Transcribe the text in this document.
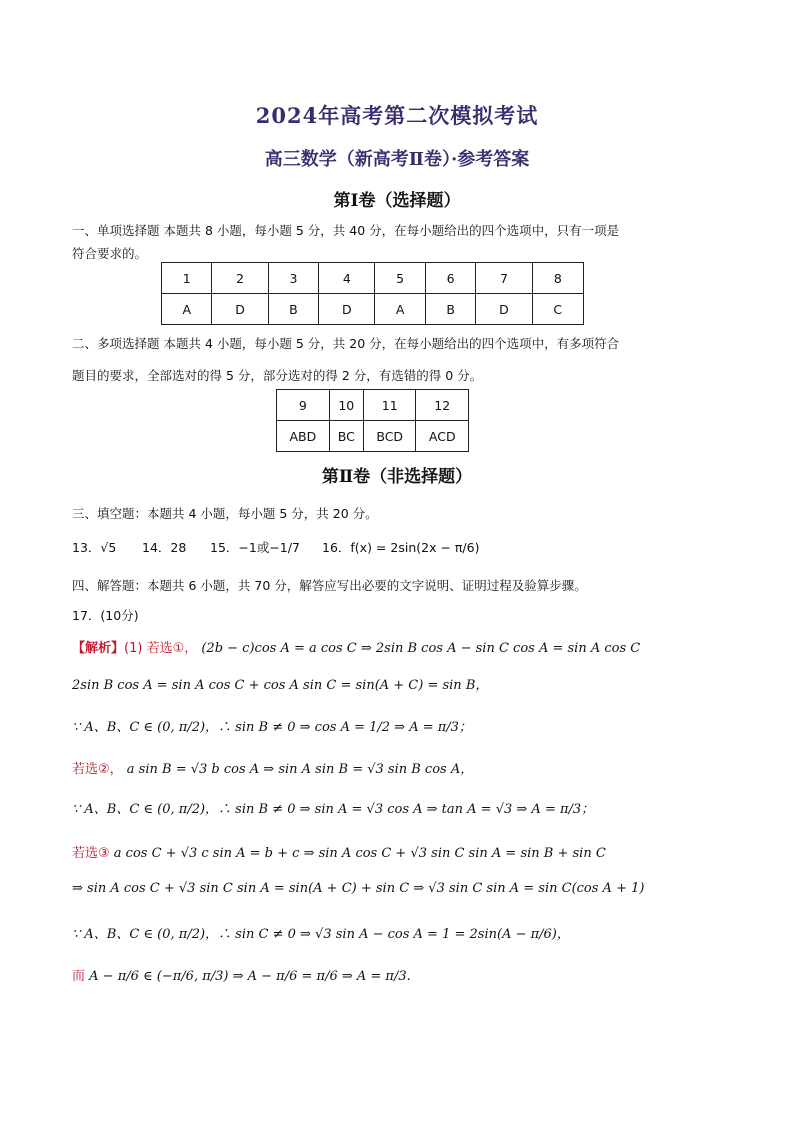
2024年高考第二次模拟考试
高三数学（新高考Ⅱ卷）·参考答案
第Ⅰ卷（选择题）
一、单项选择题 本题共 8 小题，每小题 5 分，共 40 分，在每小题给出的四个选项中，只有一项是
符合要求的。
1	2	3	4	5	6	7	8
A	D	B	D	A	B	D	C
二、多项选择题 本题共 4 小题，每小题 5 分，共 20 分，在每小题给出的四个选项中，有多项符合
题目的要求，全部选对的得 5 分，部分选对的得 2 分，有选错的得 0 分。
9	10	11	12
ABD	BC	BCD	ACD
第Ⅱ卷（非选择题）
三、填空题：本题共 4 小题，每小题 5 分，共 20 分。
13．√5 14．28 15．−1或−1/7 16．f(x) = 2sin(2x − π/6)
四、解答题：本题共 6 小题，共 70 分，解答应写出必要的文字说明、证明过程及验算步骤。
17．(10分)
【解析】(1) 若选①， (2b − c)cos A = a cos C ⇒ 2sin B cos A − sin C cos A = sin A cos C
2sin B cos A = sin A cos C + cos A sin C = sin(A + C) = sin B，
∵ A、B、C ∈ (0, π/2)，∴ sin B ≠ 0 ⇒ cos A = 1/2 ⇒ A = π/3；
若选②， a sin B = √3 b cos A ⇒ sin A sin B = √3 sin B cos A，
∵ A、B、C ∈ (0, π/2)，∴ sin B ≠ 0 ⇒ sin A = √3 cos A ⇒ tan A = √3 ⇒ A = π/3；
若选③ a cos C + √3 c sin A = b + c ⇒ sin A cos C + √3 sin C sin A = sin B + sin C
⇒ sin A cos C + √3 sin C sin A = sin(A + C) + sin C ⇒ √3 sin C sin A = sin C(cos A + 1)
∵ A、B、C ∈ (0, π/2)，∴ sin C ≠ 0 ⇒ √3 sin A − cos A = 1 = 2sin(A − π/6)，
而 A − π/6 ∈ (−π/6, π/3) ⇒ A − π/6 = π/6 ⇒ A = π/3.
